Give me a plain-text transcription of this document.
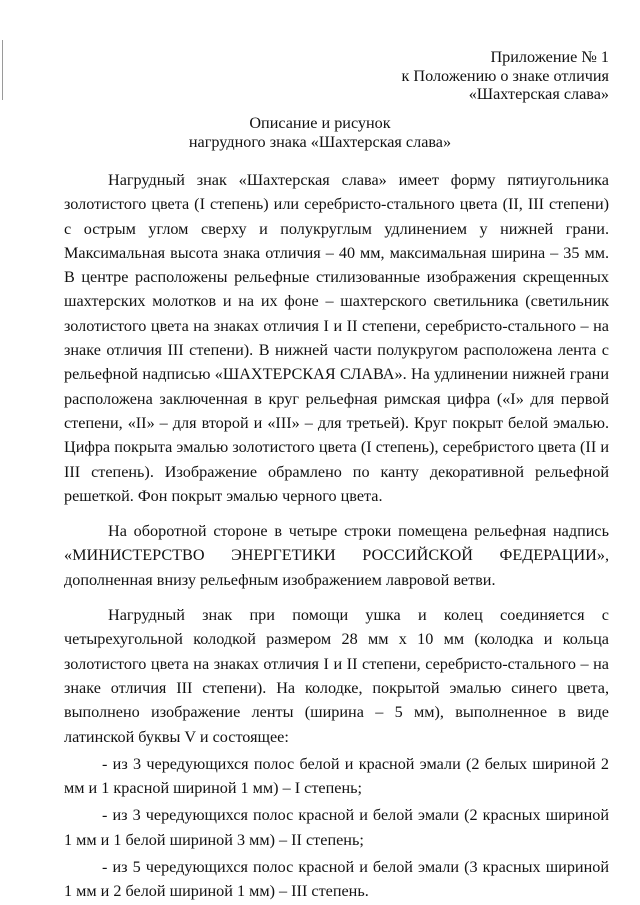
Приложение № 1
к Положению о знаке отличия
«Шахтерская слава»
Описание и рисунок
нагрудного знака «Шахтерская слава»

Нагрудный знак «Шахтерская слава» имеет форму пятиугольника золотистого цвета (I степень) или серебристо-стального цвета (II, III степени) с острым углом сверху и полукруглым удлинением у нижней грани. Максимальная высота знака отличия – 40 мм, максимальная ширина – 35 мм. В центре расположены рельефные стилизованные изображения скрещенных шахтерских молотков и на их фоне – шахтерского светильника (светильник золотистого цвета на знаках отличия I и II степени, серебристо-стального – на знаке отличия III степени). В нижней части полукругом расположена лента с рельефной надписью «ШАХТЕРСКАЯ СЛАВА». На удлинении нижней грани расположена заключенная в круг рельефная римская цифра («I» для первой степени, «II» – для второй и «III» – для третьей). Круг покрыт белой эмалью. Цифра покрыта эмалью золотистого цвета (I степень), серебристого цвета (II и III степень). Изображение обрамлено по канту декоративной рельефной решеткой. Фон покрыт эмалью черного цвета.

На оборотной стороне в четыре строки помещена рельефная надпись «МИНИСТЕРСТВО ЭНЕРГЕТИКИ РОССИЙСКОЙ ФЕДЕРАЦИИ», дополненная внизу рельефным изображением лавровой ветви.

Нагрудный знак при помощи ушка и колец соединяется с четырехугольной колодкой размером 28 мм х 10 мм (колодка и кольца золотистого цвета на знаках отличия I и II степени, серебристо-стального – на знаке отличия III степени). На колодке, покрытой эмалью синего цвета, выполнено изображение ленты (ширина – 5 мм), выполненное в виде латинской буквы V и состоящее:

- из 3 чередующихся полос белой и красной эмали (2 белых шириной 2 мм и 1 красной шириной 1 мм) – I степень;

- из 3 чередующихся полос красной и белой эмали (2 красных шириной 1 мм и 1 белой шириной 3 мм) – II степень;

- из 5 чередующихся полос красной и белой эмали (3 красных шириной 1 мм и 2 белой шириной 1 мм) – III степень.
